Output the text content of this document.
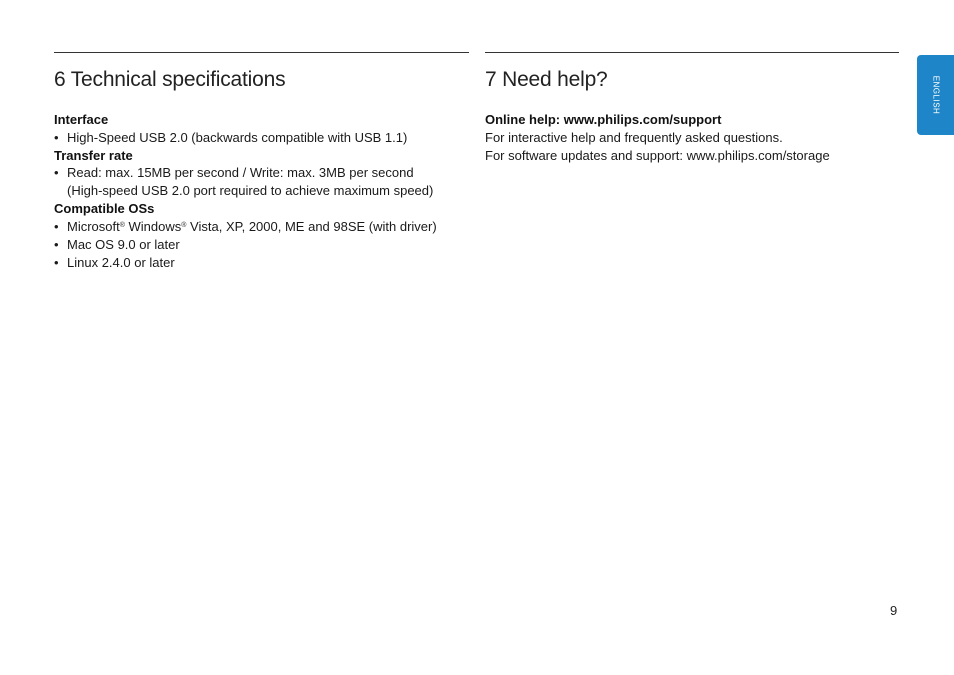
6 Technical specifications

Interface

• High-Speed USB 2.0 (backwards compatible with USB 1.1)

Transfer rate

• Read: max. 15MB per second / Write: max. 3MB per second
(High-speed USB 2.0 port required to achieve maximum speed)

Compatible OSs

• Microsoft® Windows® Vista, XP, 2000, ME and 98SE (with driver)
• Mac OS 9.0 or later
• Linux 2.4.0 or later
7 Need help?

Online help: www.philips.com/support

For interactive help and frequently asked questions.

For software updates and support: www.philips.com/storage

ENGLISH
9
